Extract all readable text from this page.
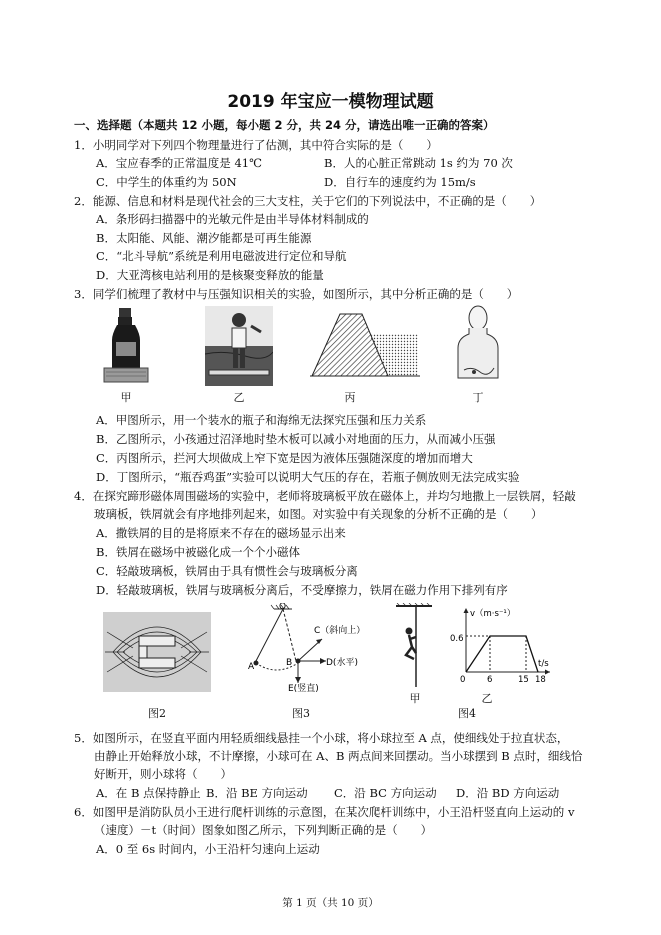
2019 年宝应一模物理试题
一、选择题（本题共 12 小题，每小题 2 分，共 24 分，请选出唯一正确的答案）
1．小明同学对下列四个物理量进行了估测，其中符合实际的是（　　）
A．宝应春季的正常温度是 41℃	B．人的心脏正常跳动 1s 约为 70 次
C．中学生的体重约为 50N	D．自行车的速度约为 15m/s
2．能源、信息和材料是现代社会的三大支柱，关于它们的下列说法中，不正确的是（　　）
A．条形码扫描器中的光敏元件是由半导体材料制成的
B．太阳能、风能、潮汐能都是可再生能源
C．“北斗导航”系统是利用电磁波进行定位和导航
D．大亚湾核电站利用的是核聚变释放的能量
3．同学们梳理了教材中与压强知识相关的实验，如图所示，其中分析正确的是（　　）
甲	乙	丙	丁
A．甲图所示，用一个装水的瓶子和海绵无法探究压强和压力关系
B．乙图所示，小孩通过沼泽地时垫木板可以减小对地面的压力，从而减小压强
C．丙图所示，拦河大坝做成上窄下宽是因为液体压强随深度的增加而增大
D．丁图所示，“瓶吞鸡蛋”实验可以说明大气压的存在，若瓶子侧放则无法完成实验
4．在探究蹄形磁体周围磁场的实验中，老师将玻璃板平放在磁体上，并均匀地撒上一层铁屑，轻敲
玻璃板，铁屑就会有序地排列起来，如图。对实验中有关现象的分析不正确的是（　　）
A．撒铁屑的目的是将原来不存在的磁场显示出来
B．铁屑在磁场中被磁化成一个个小磁体
C．轻敲玻璃板，铁屑由于具有惯性会与玻璃板分离
D．轻敲玻璃板，铁屑与玻璃板分离后，不受摩擦力，铁屑在磁力作用下排列有序
图2
O
A	B
C（斜向上）
D(水平)
E(竖直)
图3
甲
v（m·s⁻¹）
t/s
0.6
0	6	15 18
乙
图4
5．如图所示，在竖直平面内用轻质细线悬挂一个小球，将小球拉至 A 点，使细线处于拉直状态，
由静止开始释放小球，不计摩擦，小球可在 A、B 两点间来回摆动。当小球摆到 B 点时，细线恰
好断开，则小球将（　　）
A．在 B 点保持静止 B．沿 BE 方向运动 C．沿 BC 方向运动 D．沿 BD 方向运动
6．如图甲是消防队员小王进行爬杆训练的示意图，在某次爬杆训练中，小王沿杆竖直向上运动的 v
（速度）－t（时间）图象如图乙所示，下列判断正确的是（　　）
A．0 至 6s 时间内，小王沿杆匀速向上运动
第 1 页（共 10 页）
